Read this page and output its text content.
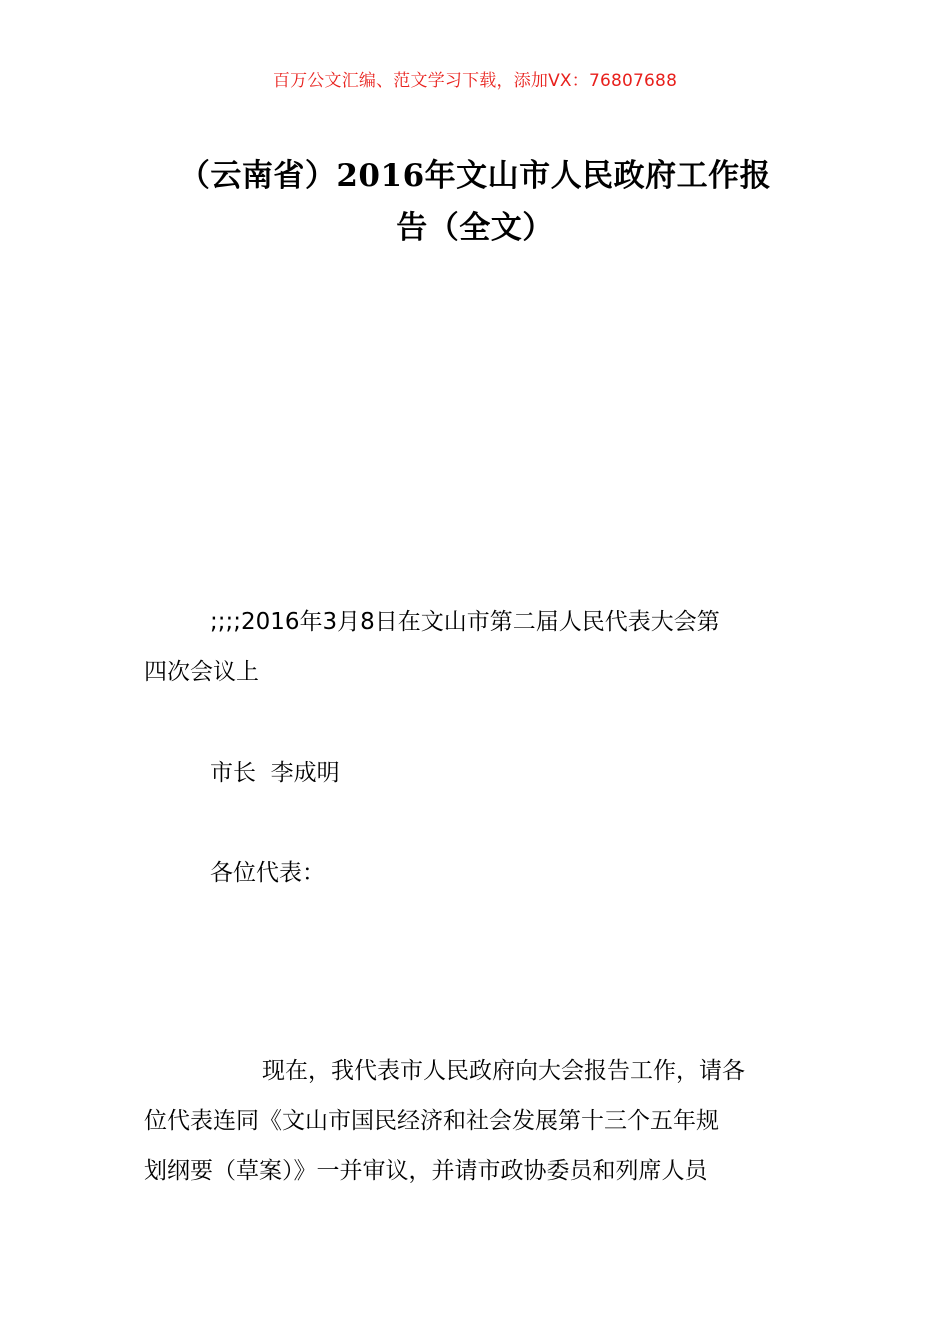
百万公文汇编、范文学习下载，添加VX：76807688
（云南省）2016年文山市人民政府工作报
告（全文）
;;;;2016年3月8日在文山市第二届人民代表大会第
四次会议上
市长  李成明
各位代表：
现在，我代表市人民政府向大会报告工作，请各
位代表连同《文山市国民经济和社会发展第十三个五年规
划纲要（草案）》一并审议，并请市政协委员和列席人员
